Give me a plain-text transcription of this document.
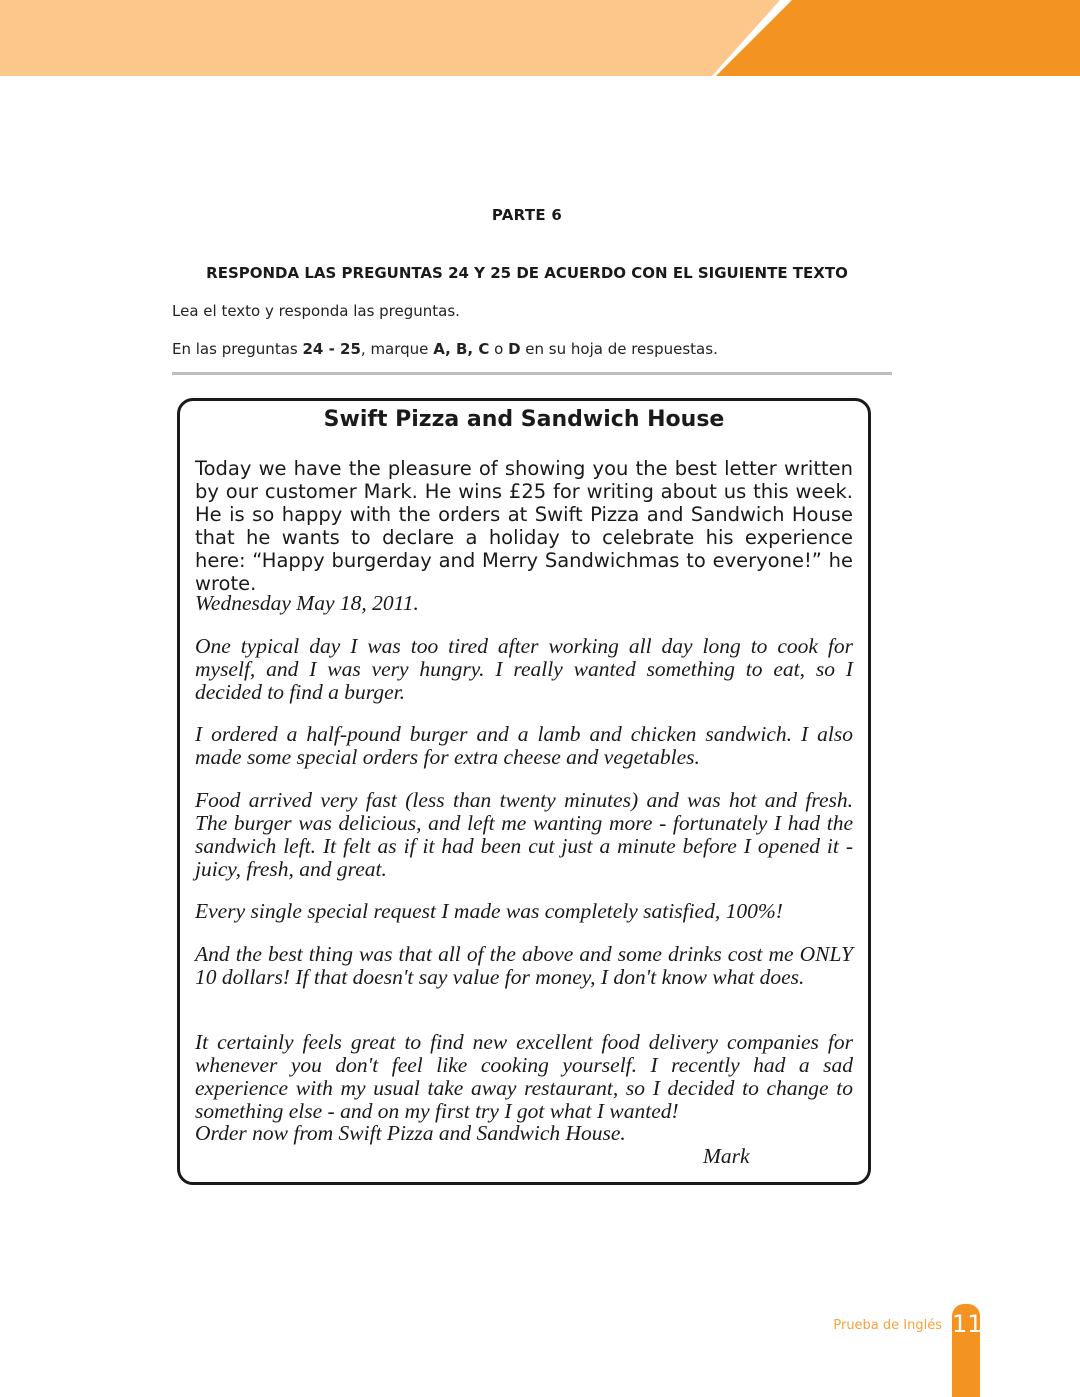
PARTE 6
RESPONDA LAS PREGUNTAS 24 Y 25 DE ACUERDO CON EL SIGUIENTE TEXTO
Lea el texto y responda las preguntas.
En las preguntas 24 - 25, marque A, B, C o D en su hoja de respuestas.
Swift Pizza and Sandwich House

Today we have the pleasure of showing you the best letter written by our customer Mark. He wins £25 for writing about us this week. He is so happy with the orders at Swift Pizza and Sandwich House that he wants to declare a holiday to celebrate his experience here: “Happy burgerday and Merry Sandwichmas to everyone!” he wrote.

Wednesday May 18, 2011.

One typical day I was too tired after working all day long to cook for myself, and I was very hungry. I really wanted something to eat, so I decided to find a burger.

I ordered a half-pound burger and a lamb and chicken sandwich. I also made some special orders for extra cheese and vegetables.

Food arrived very fast (less than twenty minutes) and was hot and fresh. The burger was delicious, and left me wanting more - fortunately I had the sandwich left. It felt as if it had been cut just a minute before I opened it - juicy, fresh, and great.

Every single special request I made was completely satisfied, 100%!

And the best thing was that all of the above and some drinks cost me ONLY 10 dollars! If that doesn't say value for money, I don't know what does.

It certainly feels great to find new excellent food delivery companies for whenever you don't feel like cooking yourself. I recently had a sad experience with my usual take away restaurant, so I decided to change to something else - and on my first try I got what I wanted!

Order now from Swift Pizza and Sandwich House.

Mark
Prueba de Inglés 11
